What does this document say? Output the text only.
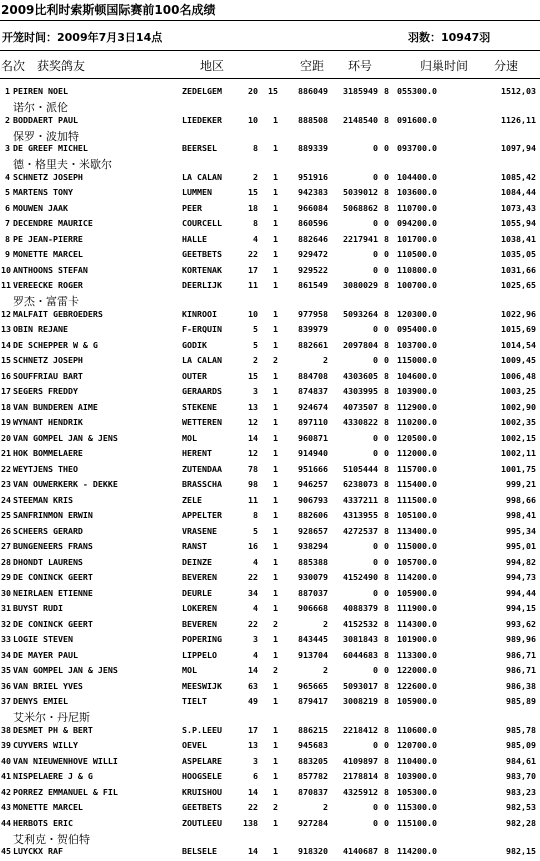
2009比利时索斯顿国际赛前100名成绩
开笼时间：2009年7月3日14点	羽数：10947羽
名次 获奖鸽友	地区	空距 环号	归巢时间 分速
1 PEIREN NOEL	ZEDELGEM	20	15	886049	3185949 8 055300.0	1512,03
诺尔・派伦
2 BODDAERT PAUL	LIEDEKER	10	1	888508	2148540 8 091600.0	1126,11
保罗・波加特
3 DE GREEF MICHEL	BEERSEL	8	1	889339	0 0 093700.0	1097,94
德・格里夫・米歇尔
4 SCHNETZ JOSEPH	LA CALAN	2	1	951916	0 0 104400.0	1085,42
5 MARTENS TONY	LUMMEN	15	1	942383	5039012 8 103600.0	1084,44
6 MOUWEN JAAK	PEER	18	1	966084	5068862 8 110700.0	1073,43
7 DECENDRE MAURICE	COURCELL	8	1	860596	0 0 094200.0	1055,94
8 PE JEAN-PIERRE	HALLE	4	1	882646	2217941 8 101700.0	1038,41
9 MONETTE MARCEL	GEETBETS	22	1	929472	0 0 110500.0	1035,05
10 ANTHOONS STEFAN	KORTENAK	17	1	929522	0 0 110800.0	1031,66
11 VEREECKE ROGER	DEERLIJK	11	1	861549	3080029 8 100700.0	1025,65
罗杰・富雷卡
12 MALFAIT GEBROEDERS	KINROOI	10	1	977958	5093264 8 120300.0	1022,96
13 OBIN REJANE	F-ERQUIN	5	1	839979	0 0 095400.0	1015,69
14 DE SCHEPPER W & G	GODIK	5	1	882661	2097804 8 103700.0	1014,54
15 SCHNETZ JOSEPH	LA CALAN	2	2	2	0 0 115000.0	1009,45
16 SOUFFRIAU BART	OUTER	15	1	884708	4303605 8 104600.0	1006,48
17 SEGERS FREDDY	GERAARDS	3	1	874837	4303995 8 103900.0	1003,25
18 VAN BUNDEREN AIME	STEKENE	13	1	924674	4073507 8 112900.0	1002,90
19 WYNANT HENDRIK	WETTEREN	12	1	897110	4330822 8 110200.0	1002,35
20 VAN GOMPEL JAN & JENS	MOL	14	1	960871	0 0 120500.0	1002,15
21 HOK BOMMELAERE	HERENT	12	1	914940	0 0 112000.0	1002,11
22 WEYTJENS THEO	ZUTENDAA	78	1	951666	5105444 8 115700.0	1001,75
23 VAN OUWERKERK - DEKKE	BRASSCHA	98	1	946257	6238073 8 115400.0	999,21
24 STEEMAN KRIS	ZELE	11	1	906793	4337211 8 111500.0	998,66
25 SANFRINMON ERWIN	APPELTER	8	1	882606	4313955 8 105100.0	998,41
26 SCHEERS GERARD	VRASENE	5	1	928657	4272537 8 113400.0	995,34
27 BUNGENEERS FRANS	RANST	16	1	938294	0 0 115000.0	995,01
28 DHONDT LAURENS	DEINZE	4	1	885388	0 0 105700.0	994,82
29 DE CONINCK GEERT	BEVEREN	22	1	930079	4152490 8 114200.0	994,73
30 NEIRLAEN ETIENNE	DEURLE	34	1	887037	0 0 105900.0	994,44
31 BUYST RUDI	LOKEREN	4	1	906668	4088379 8 111900.0	994,15
32 DE CONINCK GEERT	BEVEREN	22	2	2	4152532 8 114300.0	993,62
33 LOGIE STEVEN	POPERING	3	1	843445	3081843 8 101900.0	989,96
34 DE MAYER PAUL	LIPPELO	4	1	913704	6044683 8 113300.0	986,71
35 VAN GOMPEL JAN & JENS	MOL	14	2	2	0 0 122000.0	986,71
36 VAN BRIEL YVES	MEESWIJK	63	1	965665	5093017 8 122600.0	986,38
37 DENYS EMIEL	TIELT	49	1	879417	3008219 8 105900.0	985,89
艾米尔・丹尼斯
38 DESMET PH & BERT	S.P.LEEU	17	1	886215	2218412 8 110600.0	985,78
39 CUYVERS WILLY	OEVEL	13	1	945683	0 0 120700.0	985,09
40 VAN NIEUWENHOVE WILLI	ASPELARE	3	1	883205	4109897 8 110400.0	984,61
41 NISPELAERE J & G	HOOGSELE	6	1	857782	2178814 8 103900.0	983,70
42 PORREZ EMMANUEL & FIL	KRUISHOU	14	1	870837	4325912 8 105300.0	983,23
43 MONETTE MARCEL	GEETBETS	22	2	2	0 0 115300.0	982,53
44 HERBOTS ERIC	ZOUTLEEU	138	1	927284	0 0 115100.0	982,28
艾利克・贺伯特
45 LUYCKX RAF	BELSELE	14	1	918320	4140687 8 114200.0	982,15
